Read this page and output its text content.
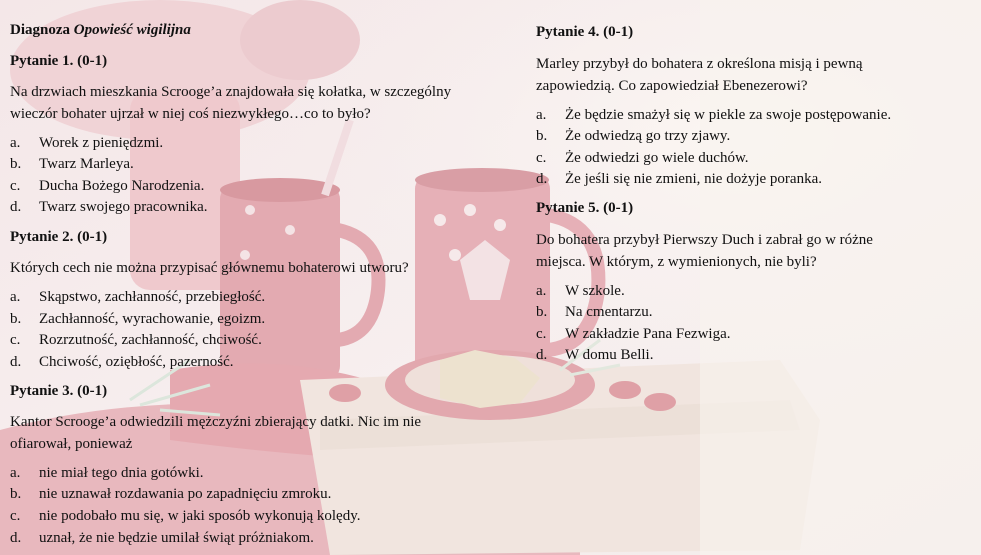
Diagnoza Opowieść wigilijna
Pytanie 1. (0-1)
Na drzwiach mieszkania Scrooge’a znajdowała się kołatka, w szczególny
wieczór bohater ujrzał w niej coś niezwykłego…co to było?
a. Worek z pieniędzmi.
b. Twarz Marleya.
c. Ducha Bożego Narodzenia.
d. Twarz swojego pracownika.
Pytanie 2. (0-1)
Których cech nie można przypisać głównemu bohaterowi utworu?
a. Skąpstwo, zachłanność, przebiegłość.
b. Zachłanność, wyrachowanie, egoizm.
c. Rozrzutność, zachłanność, chciwość.
d. Chciwość, oziębłość, pazerność.
Pytanie 3. (0-1)
Kantor Scrooge’a odwiedzili mężczyźni zbierający datki. Nic im nie
ofiarował, ponieważ
a. nie miał tego dnia gotówki.
b. nie uznawał rozdawania po zapadnięciu zmroku.
c. nie podobało mu się, w jaki sposób wykonują kolędy.
d. uznał, że nie będzie umilał świąt próżniakom.
Pytanie 4. (0-1)
Marley przybył do bohatera z określona misją i pewną
zapowiedzią. Co zapowiedział Ebenezerowi?
a. Że będzie smażył się w piekle za swoje postępowanie.
b. Że odwiedzą go trzy zjawy.
c. Że odwiedzi go wiele duchów.
d. Że jeśli się nie zmieni, nie dożyje poranka.
Pytanie 5. (0-1)
Do bohatera przybył Pierwszy Duch i zabrał go w różne
miejsca. W którym, z wymienionych, nie byli?
a. W szkole.
b. Na cmentarzu.
c. W zakładzie Pana Fezwiga.
d. W domu Belli.
